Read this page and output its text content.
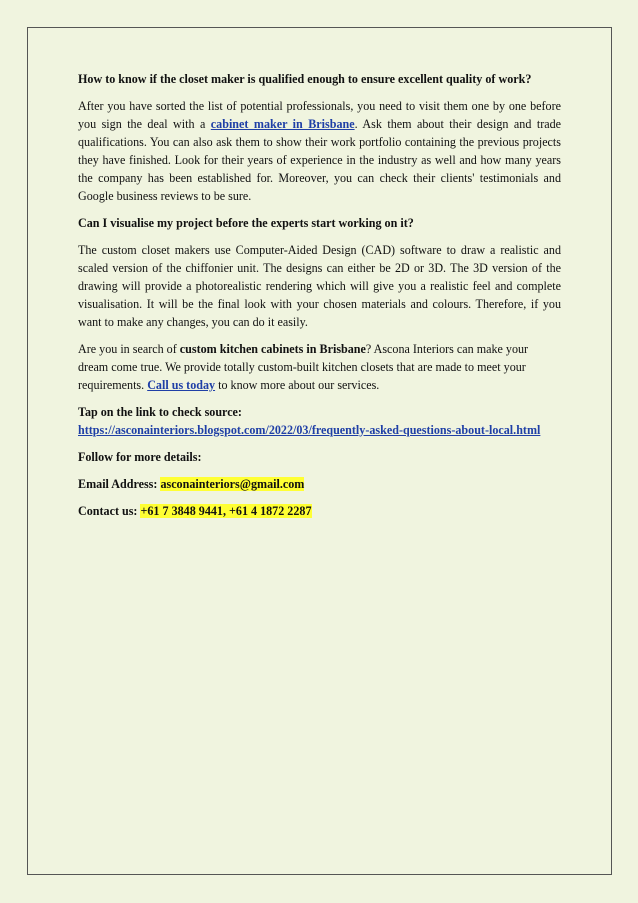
How to know if the closet maker is qualified enough to ensure excellent quality of work?

After you have sorted the list of potential professionals, you need to visit them one by one before you sign the deal with a cabinet maker in Brisbane. Ask them about their design and trade qualifications. You can also ask them to show their work portfolio containing the previous projects they have finished. Look for their years of experience in the industry as well and how many years the company has been established for. Moreover, you can check their clients' testimonials and Google business reviews to be sure.

Can I visualise my project before the experts start working on it?

The custom closet makers use Computer-Aided Design (CAD) software to draw a realistic and scaled version of the chiffonier unit. The designs can either be 2D or 3D. The 3D version of the drawing will provide a photorealistic rendering which will give you a realistic feel and complete visualisation. It will be the final look with your chosen materials and colours. Therefore, if you want to make any changes, you can do it easily.

Are you in search of custom kitchen cabinets in Brisbane? Ascona Interiors can make your dream come true. We provide totally custom-built kitchen closets that are made to meet your requirements. Call us today to know more about our services.

Tap on the link to check source:
https://asconainteriors.blogspot.com/2022/03/frequently-asked-questions-about-local.html

Follow for more details:

Email Address: asconainteriors@gmail.com

Contact us: +61 7 3848 9441, +61 4 1872 2287
